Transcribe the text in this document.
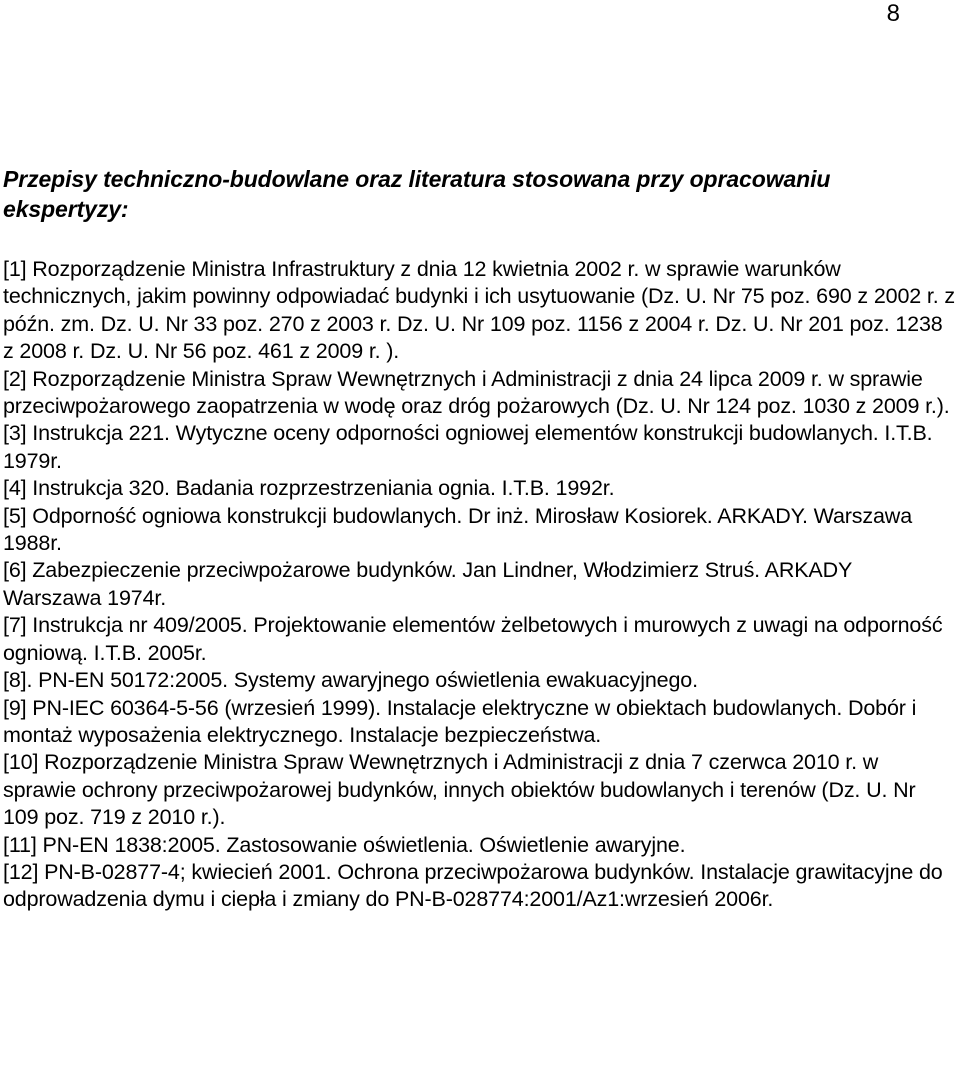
8
Przepisy techniczno-budowlane oraz literatura stosowana przy opracowaniu ekspertyzy:

[1] Rozporządzenie Ministra Infrastruktury z dnia 12 kwietnia 2002 r. w sprawie warunków technicznych, jakim powinny odpowiadać budynki i ich usytuowanie (Dz. U. Nr 75 poz. 690 z 2002 r. z późn. zm. Dz. U. Nr 33 poz. 270 z 2003 r. Dz. U. Nr 109 poz. 1156 z 2004 r. Dz. U. Nr 201 poz. 1238 z 2008 r. Dz. U. Nr 56 poz. 461 z 2009 r. ).

[2] Rozporządzenie Ministra Spraw Wewnętrznych i Administracji z dnia 24 lipca 2009 r. w sprawie przeciwpożarowego zaopatrzenia w wodę oraz dróg pożarowych (Dz. U. Nr 124 poz. 1030 z 2009 r.).

[3] Instrukcja 221. Wytyczne oceny odporności ogniowej elementów konstrukcji budowlanych. I.T.B. 1979r.

[4] Instrukcja 320. Badania rozprzestrzeniania ognia. I.T.B. 1992r.

[5] Odporność ogniowa konstrukcji budowlanych. Dr inż. Mirosław Kosiorek. ARKADY. Warszawa 1988r.

[6] Zabezpieczenie przeciwpożarowe budynków. Jan Lindner, Włodzimierz Struś. ARKADY Warszawa 1974r.

[7] Instrukcja nr 409/2005. Projektowanie elementów żelbetowych i murowych z uwagi na odporność ogniową. I.T.B. 2005r.

[8]. PN-EN 50172:2005. Systemy awaryjnego oświetlenia ewakuacyjnego.

[9] PN-IEC 60364-5-56 (wrzesień 1999). Instalacje elektryczne w obiektach budowlanych. Dobór i montaż wyposażenia elektrycznego. Instalacje bezpieczeństwa.

[10] Rozporządzenie Ministra Spraw Wewnętrznych i Administracji z dnia 7 czerwca 2010 r. w sprawie ochrony przeciwpożarowej budynków, innych obiektów budowlanych i terenów (Dz. U. Nr 109 poz. 719 z 2010 r.).

[11] PN-EN 1838:2005. Zastosowanie oświetlenia. Oświetlenie awaryjne.

[12] PN-B-02877-4; kwiecień 2001. Ochrona przeciwpożarowa budynków. Instalacje grawitacyjne do odprowadzenia dymu i ciepła i zmiany do PN-B-028774:2001/Az1:wrzesień 2006r.
